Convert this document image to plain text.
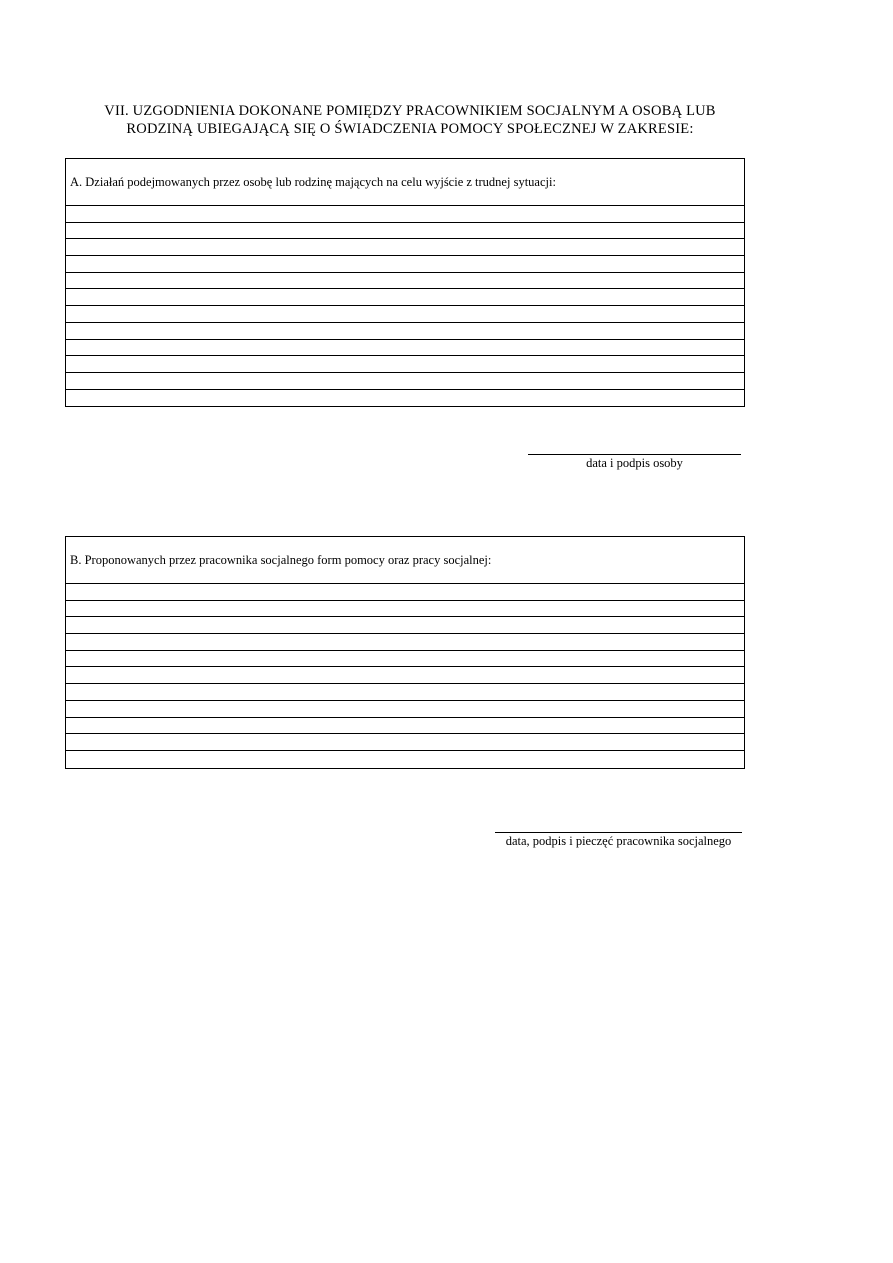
VII. UZGODNIENIA DOKONANE POMIĘDZY PRACOWNIKIEM SOCJALNYM A OSOBĄ LUB
RODZINĄ UBIEGAJĄCĄ SIĘ O ŚWIADCZENIA POMOCY SPOŁECZNEJ W ZAKRESIE:
A. Działań podejmowanych przez osobę lub rodzinę mających na celu wyjście z trudnej sytuacji:
data i podpis osoby
B. Proponowanych przez pracownika socjalnego form pomocy oraz pracy socjalnej:
data, podpis i pieczęć pracownika socjalnego
